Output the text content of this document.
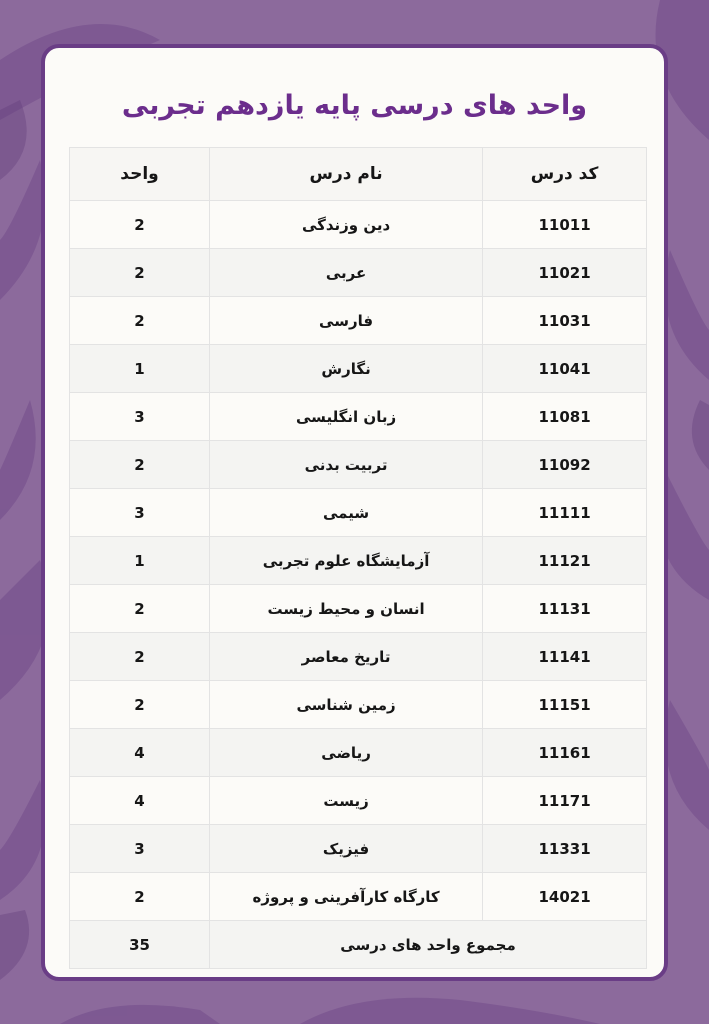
واحد های درسی پایه یازدهم تجربی
کد درس	نام درس	واحد
11011	دین وزندگی	2
11021	عربی	2
11031	فارسی	2
11041	نگارش	1
11081	زبان انگلیسی	3
11092	تربیت بدنی	2
11111	شیمی	3
11121	آزمایشگاه علوم تجربی	1
11131	انسان و محیط زیست	2
11141	تاریخ معاصر	2
11151	زمین شناسی	2
11161	ریاضی	4
11171	زیست	4
11331	فیزیک	3
14021	کارگاه کارآفرینی و پروژه	2
مجموع واحد های درسی		35
